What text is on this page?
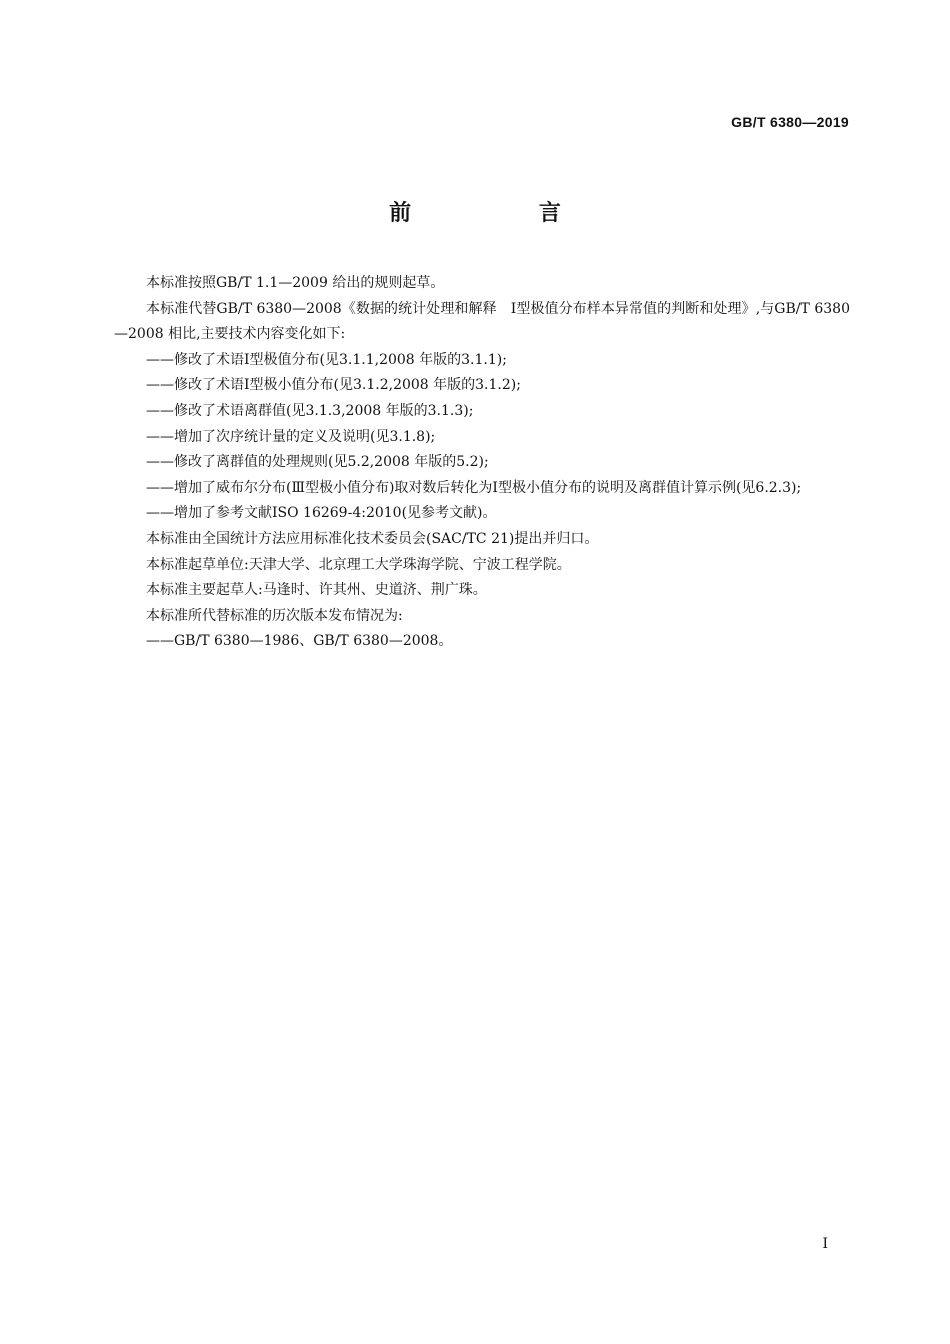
GB/T 6380—2019
前 言

本标准按照GB/T 1.1—2009 给出的规则起草。

本标准代替GB/T 6380—2008《数据的统计处理和解释　Ⅰ型极值分布样本异常值的判断和处理》,与GB/T 6380—2008 相比,主要技术内容变化如下:

——修改了术语Ⅰ型极值分布(见3.1.1,2008 年版的3.1.1);

——修改了术语Ⅰ型极小值分布(见3.1.2,2008 年版的3.1.2);

——修改了术语离群值(见3.1.3,2008 年版的3.1.3);

——增加了次序统计量的定义及说明(见3.1.8);

——修改了离群值的处理规则(见5.2,2008 年版的5.2);

——增加了威布尔分布(Ⅲ型极小值分布)取对数后转化为Ⅰ型极小值分布的说明及离群值计算示例(见6.2.3);

——增加了参考文献ISO 16269-4:2010(见参考文献)。

本标准由全国统计方法应用标准化技术委员会(SAC/TC 21)提出并归口。

本标准起草单位:天津大学、北京理工大学珠海学院、宁波工程学院。

本标准主要起草人:马逢时、许其州、史道济、荆广珠。

本标准所代替标准的历次版本发布情况为:

——GB/T 6380—1986、GB/T 6380—2008。

Ⅰ
